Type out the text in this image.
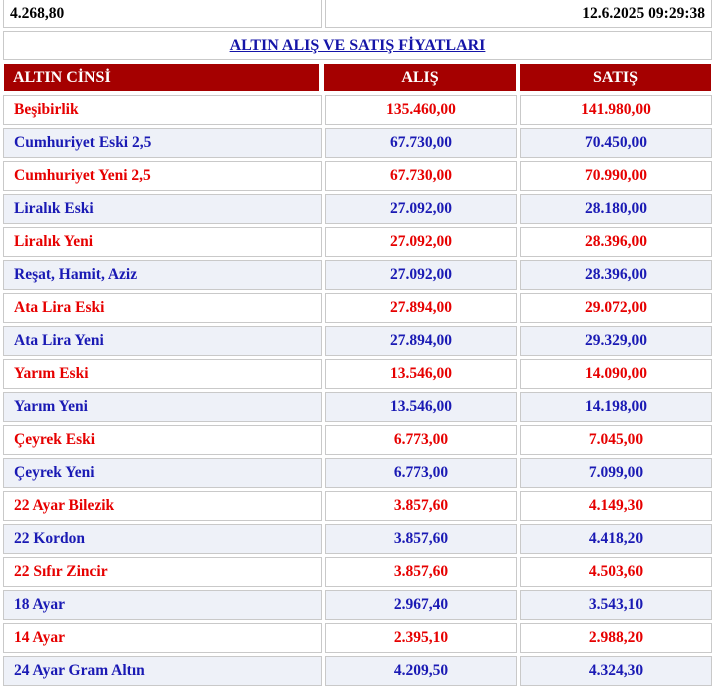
4.268,80	12.6.2025 09:29:38
ALTIN ALIŞ VE SATIŞ FİYATLARI
ALTIN CİNSİ	ALIŞ	SATIŞ
Beşibirlik	135.460,00	141.980,00
Cumhuriyet Eski 2,5	67.730,00	70.450,00
Cumhuriyet Yeni 2,5	67.730,00	70.990,00
Liralık Eski	27.092,00	28.180,00
Liralık Yeni	27.092,00	28.396,00
Reşat, Hamit, Aziz	27.092,00	28.396,00
Ata Lira Eski	27.894,00	29.072,00
Ata Lira Yeni	27.894,00	29.329,00
Yarım Eski	13.546,00	14.090,00
Yarım Yeni	13.546,00	14.198,00
Çeyrek Eski	6.773,00	7.045,00
Çeyrek Yeni	6.773,00	7.099,00
22 Ayar Bilezik	3.857,60	4.149,30
22 Kordon	3.857,60	4.418,20
22 Sıfır Zincir	3.857,60	4.503,60
18 Ayar	2.967,40	3.543,10
14 Ayar	2.395,10	2.988,20
24 Ayar Gram Altın	4.209,50	4.324,30
